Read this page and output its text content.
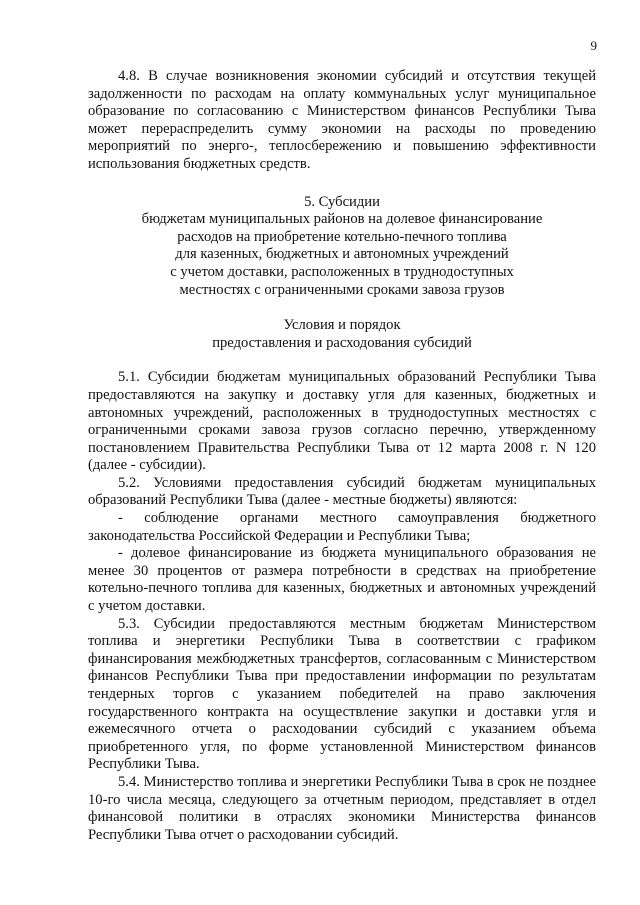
9

4.8. В случае возникновения экономии субсидий и отсутствия текущей задолженности по расходам на оплату коммунальных услуг муниципальное образование по согласованию с Министерством финансов Республики Тыва может перераспределить сумму экономии на расходы по проведению мероприятий по энерго-, теплосбережению и повышению эффективности использования бюджетных средств.

5. Субсидии
бюджетам муниципальных районов на долевое финансирование
расходов на приобретение котельно-печного топлива
для казенных, бюджетных и автономных учреждений
с учетом доставки, расположенных в труднодоступных
местностях с ограниченными сроками завоза грузов
Условия и порядок
предоставления и расходования субсидий

5.1. Субсидии бюджетам муниципальных образований Республики Тыва предоставляются на закупку и доставку угля для казенных, бюджетных и автономных учреждений, расположенных в труднодоступных местностях с ограниченными сроками завоза грузов согласно перечню, утвержденному постановлением Правительства Республики Тыва от 12 марта 2008 г. N 120 (далее - субсидии).

5.2. Условиями предоставления субсидий бюджетам муниципальных образований Республики Тыва (далее - местные бюджеты) являются:

- соблюдение органами местного самоуправления бюджетного законодательства Российской Федерации и Республики Тыва;

- долевое финансирование из бюджета муниципального образования не менее 30 процентов от размера потребности в средствах на приобретение котельно-печного топлива для казенных, бюджетных и автономных учреждений с учетом доставки.

5.3. Субсидии предоставляются местным бюджетам Министерством топлива и энергетики Республики Тыва в соответствии с графиком финансирования межбюджетных трансфертов, согласованным с Министерством финансов Республики Тыва при предоставлении информации по результатам тендерных торгов с указанием победителей на право заключения государственного контракта на осуществление закупки и доставки угля и ежемесячного отчета о расходовании субсидий с указанием объема приобретенного угля, по форме установленной Министерством финансов Республики Тыва.

5.4. Министерство топлива и энергетики Республики Тыва в срок не позднее 10-го числа месяца, следующего за отчетным периодом, представляет в отдел финансовой политики в отраслях экономики Министерства финансов Республики Тыва отчет о расходовании субсидий.
